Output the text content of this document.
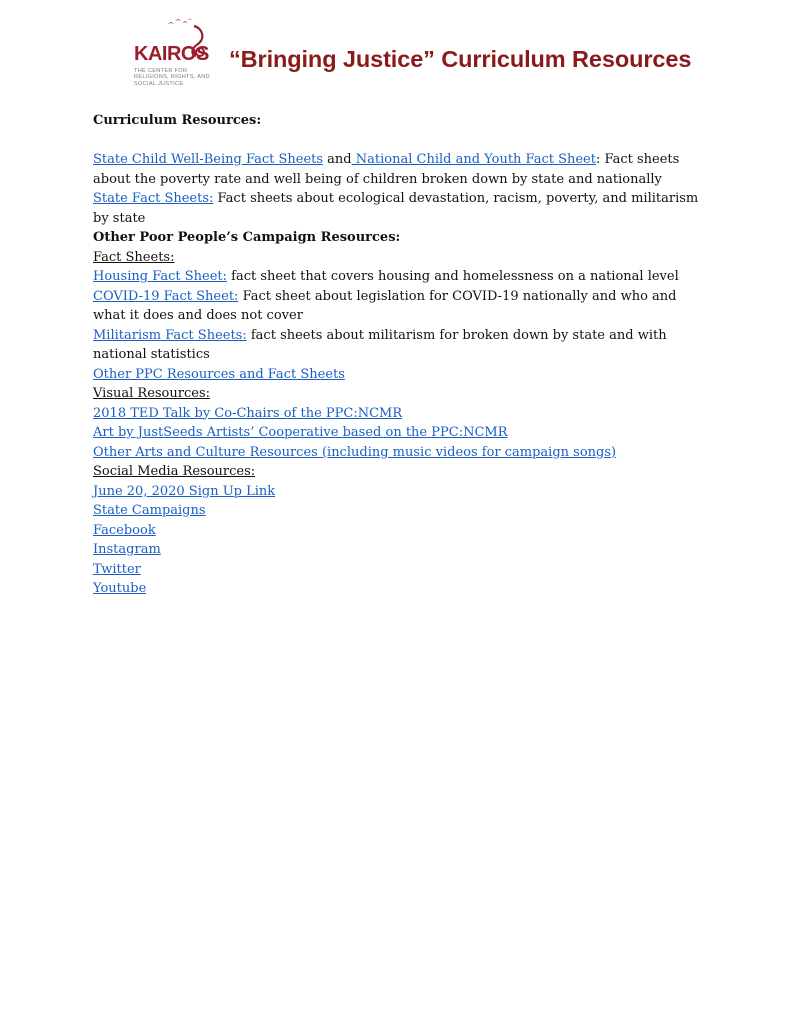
KAIROS
THE CENTER FOR RELIGIONS, RIGHTS, AND SOCIAL JUSTICE
“Bringing Justice” Curriculum Resources

Curriculum Resources:

State Child Well-Being Fact Sheets and National Child and Youth Fact Sheet: Fact sheets about the poverty rate and well being of children broken down by state and nationally

State Fact Sheets: Fact sheets about ecological devastation, racism, poverty, and militarism by state

Other Poor People’s Campaign Resources:

Fact Sheets:

Housing Fact Sheet: fact sheet that covers housing and homelessness on a national level

COVID-19 Fact Sheet: Fact sheet about legislation for COVID-19 nationally and who and what it does and does not cover

Militarism Fact Sheets: fact sheets about militarism for broken down by state and with national statistics

Other PPC Resources and Fact Sheets

Visual Resources:

2018 TED Talk by Co-Chairs of the PPC:NCMR

Art by JustSeeds Artists’ Cooperative based on the PPC:NCMR

Other Arts and Culture Resources (including music videos for campaign songs)

Social Media Resources:

June 20, 2020 Sign Up Link

State Campaigns

Facebook

Instagram

Twitter

Youtube
